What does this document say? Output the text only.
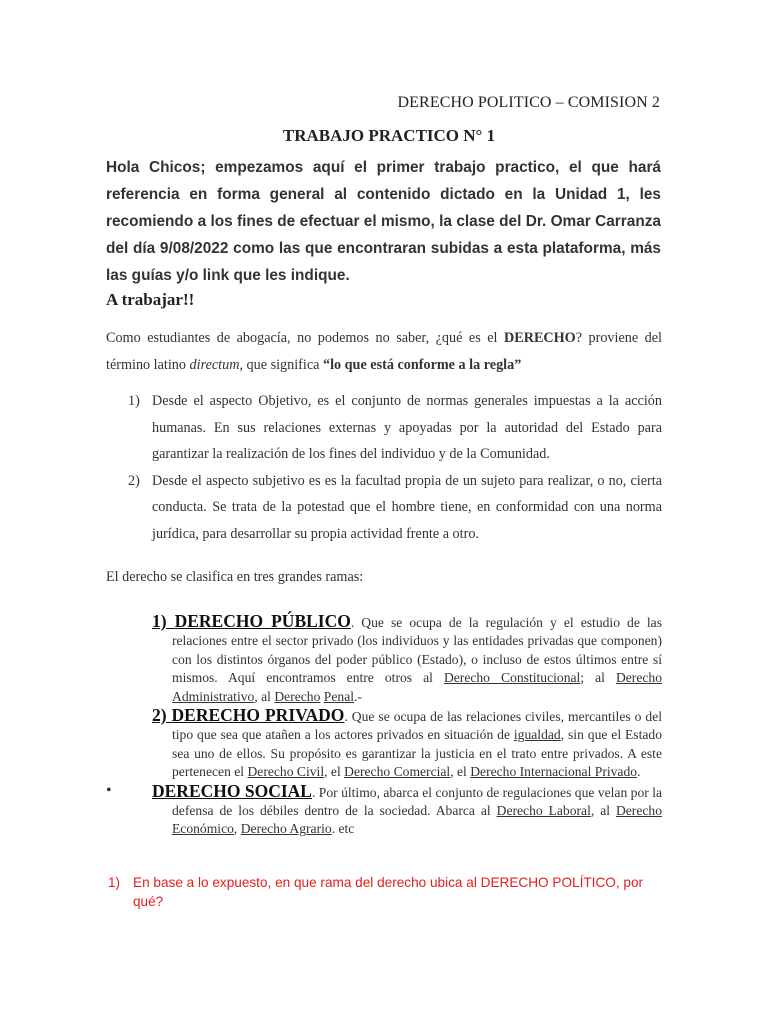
DERECHO POLITICO – COMISION 2
TRABAJO PRACTICO N° 1
Hola Chicos; empezamos aquí el primer trabajo practico, el que hará referencia en forma general al contenido dictado en la Unidad 1, les recomiendo a los fines de efectuar el mismo, la clase del Dr. Omar Carranza del día 9/08/2022 como las que encontraran subidas a esta plataforma, más las guías y/o link que les indique.
A trabajar!!
Como estudiantes de abogacía, no podemos no saber, ¿qué es el DERECHO? proviene del término latino directum, que significa “lo que está conforme a la regla”
1) Desde el aspecto Objetivo, es el conjunto de normas generales impuestas a la acción humanas. En sus relaciones externas y apoyadas por la autoridad del Estado para garantizar la realización de los fines del individuo y de la Comunidad.
2) Desde el aspecto subjetivo es es la facultad propia de un sujeto para realizar, o no, cierta conducta. Se trata de la potestad que el hombre tiene, en conformidad con una norma jurídica, para desarrollar su propia actividad frente a otro.
El derecho se clasifica en tres grandes ramas:
1) DERECHO PÚBLICO. Que se ocupa de la regulación y el estudio de las relaciones entre el sector privado (los individuos y las entidades privadas que componen) con los distintos órganos del poder público (Estado), o incluso de estos últimos entre sí mismos. Aquí encontramos entre otros al Derecho Constitucional; al Derecho Administrativo, al Derecho Penal.-
2) DERECHO PRIVADO. Que se ocupa de las relaciones civiles, mercantiles o del tipo que sea que atañen a los actores privados en situación de igualdad, sin que el Estado sea uno de ellos. Su propósito es garantizar la justicia en el trato entre privados. A este pertenecen el Derecho Civil, el Derecho Comercial, el Derecho Internacional Privado.
•	DERECHO SOCIAL. Por último, abarca el conjunto de regulaciones que velan por la defensa de los débiles dentro de la sociedad. Abarca al Derecho Laboral, al Derecho Económico, Derecho Agrario. etc
1) En base a lo expuesto, en que rama del derecho ubica al DERECHO POLÍTICO, por qué?
